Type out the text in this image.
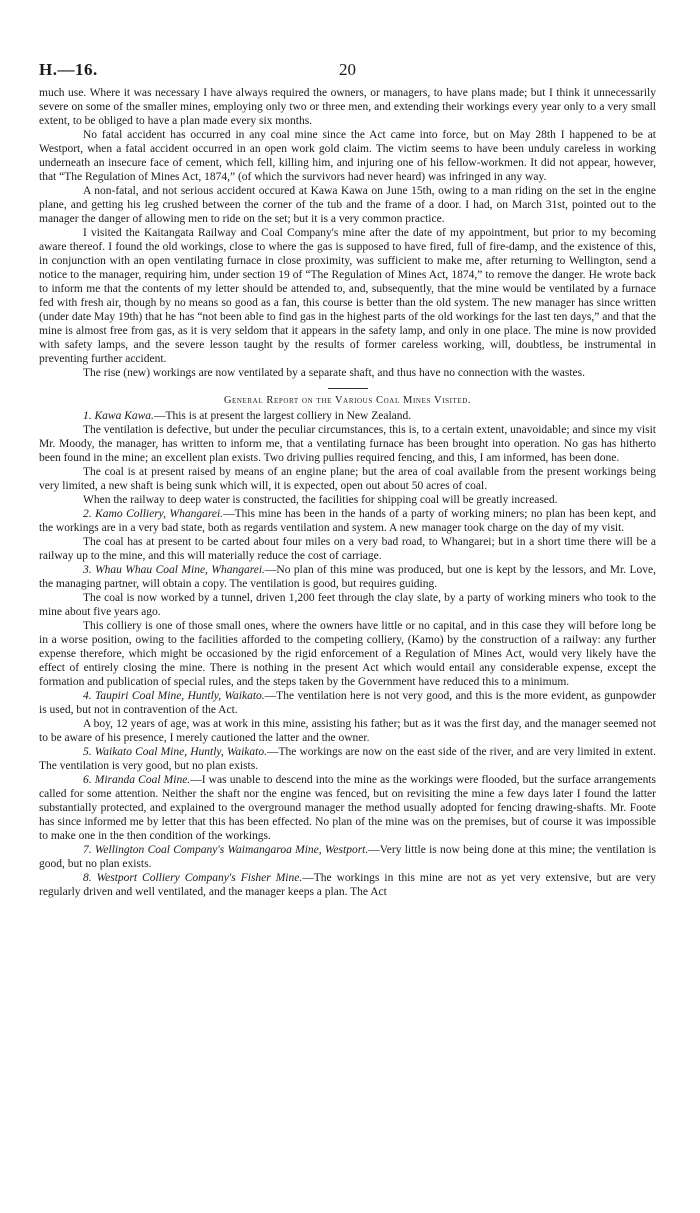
H.—16.	20

much use. Where it was necessary I have always required the owners, or managers, to have plans made; but I think it unnecessarily severe on some of the smaller mines, employing only two or three men, and extending their workings every year only to a very small extent, to be obliged to have a plan made every six months.

No fatal accident has occurred in any coal mine since the Act came into force, but on May 28th I happened to be at Westport, when a fatal accident occurred in an open work gold claim. The victim seems to have been unduly careless in working underneath an insecure face of cement, which fell, killing him, and injuring one of his fellow-workmen. It did not appear, however, that “The Regulation of Mines Act, 1874,” (of which the survivors had never heard) was infringed in any way.

A non-fatal, and not serious accident occured at Kawa Kawa on June 15th, owing to a man riding on the set in the engine plane, and getting his leg crushed between the corner of the tub and the frame of a door. I had, on March 31st, pointed out to the manager the danger of allowing men to ride on the set; but it is a very common practice.

I visited the Kaitangata Railway and Coal Company's mine after the date of my appointment, but prior to my becoming aware thereof. I found the old workings, close to where the gas is supposed to have fired, full of fire-damp, and the existence of this, in conjunction with an open ventilating furnace in close proximity, was sufficient to make me, after returning to Wellington, send a notice to the manager, requiring him, under section 19 of “The Regulation of Mines Act, 1874,” to remove the danger. He wrote back to inform me that the contents of my letter should be attended to, and, subsequently, that the mine would be ventilated by a furnace fed with fresh air, though by no means so good as a fan, this course is better than the old system. The new manager has since written (under date May 19th) that he has “not been able to find gas in the highest parts of the old workings for the last ten days,” and that the mine is almost free from gas, as it is very seldom that it appears in the safety lamp, and only in one place. The mine is now provided with safety lamps, and the severe lesson taught by the results of former careless working, will, doubtless, be instrumental in preventing further accident.

The rise (new) workings are now ventilated by a separate shaft, and thus have no connection with the wastes.

General Report on the Various Coal Mines Visited.

1. Kawa Kawa.—This is at present the largest colliery in New Zealand.

The ventilation is defective, but under the peculiar circumstances, this is, to a certain extent, unavoidable; and since my visit Mr. Moody, the manager, has written to inform me, that a ventilating furnace has been brought into operation. No gas has hitherto been found in the mine; an excellent plan exists. Two driving pullies required fencing, and this, I am informed, has been done.

The coal is at present raised by means of an engine plane; but the area of coal available from the present workings being very limited, a new shaft is being sunk which will, it is expected, open out about 50 acres of coal.

When the railway to deep water is constructed, the facilities for shipping coal will be greatly increased.

2. Kamo Colliery, Whangarei.—This mine has been in the hands of a party of working miners; no plan has been kept, and the workings are in a very bad state, both as regards ventilation and system. A new manager took charge on the day of my visit.

The coal has at present to be carted about four miles on a very bad road, to Whangarei; but in a short time there will be a railway up to the mine, and this will materially reduce the cost of carriage.

3. Whau Whau Coal Mine, Whangarei.—No plan of this mine was produced, but one is kept by the lessors, and Mr. Love, the managing partner, will obtain a copy. The ventilation is good, but requires guiding.

The coal is now worked by a tunnel, driven 1,200 feet through the clay slate, by a party of working miners who took to the mine about five years ago.

This colliery is one of those small ones, where the owners have little or no capital, and in this case they will before long be in a worse position, owing to the facilities afforded to the competing colliery, (Kamo) by the construction of a railway: any further expense therefore, which might be occasioned by the rigid enforcement of a Regulation of Mines Act, would very likely have the effect of entirely closing the mine. There is nothing in the present Act which would entail any considerable expense, except the formation and publication of special rules, and the steps taken by the Government have reduced this to a minimum.

4. Taupiri Coal Mine, Huntly, Waikato.—The ventilation here is not very good, and this is the more evident, as gunpowder is used, but not in contravention of the Act.

A boy, 12 years of age, was at work in this mine, assisting his father; but as it was the first day, and the manager seemed not to be aware of his presence, I merely cautioned the latter and the owner.

5. Waikato Coal Mine, Huntly, Waikato.—The workings are now on the east side of the river, and are very limited in extent. The ventilation is very good, but no plan exists.

6. Miranda Coal Mine.—I was unable to descend into the mine as the workings were flooded, but the surface arrangements called for some attention. Neither the shaft nor the engine was fenced, but on revisiting the mine a few days later I found the latter substantially protected, and explained to the overground manager the method usually adopted for fencing drawing-shafts. Mr. Foote has since informed me by letter that this has been effected. No plan of the mine was on the premises, but of course it was impossible to make one in the then condition of the workings.

7. Wellington Coal Company's Waimangaroa Mine, Westport.—Very little is now being done at this mine; the ventilation is good, but no plan exists.

8. Westport Colliery Company's Fisher Mine.—The workings in this mine are not as yet very extensive, but are very regularly driven and well ventilated, and the manager keeps a plan. The Act
